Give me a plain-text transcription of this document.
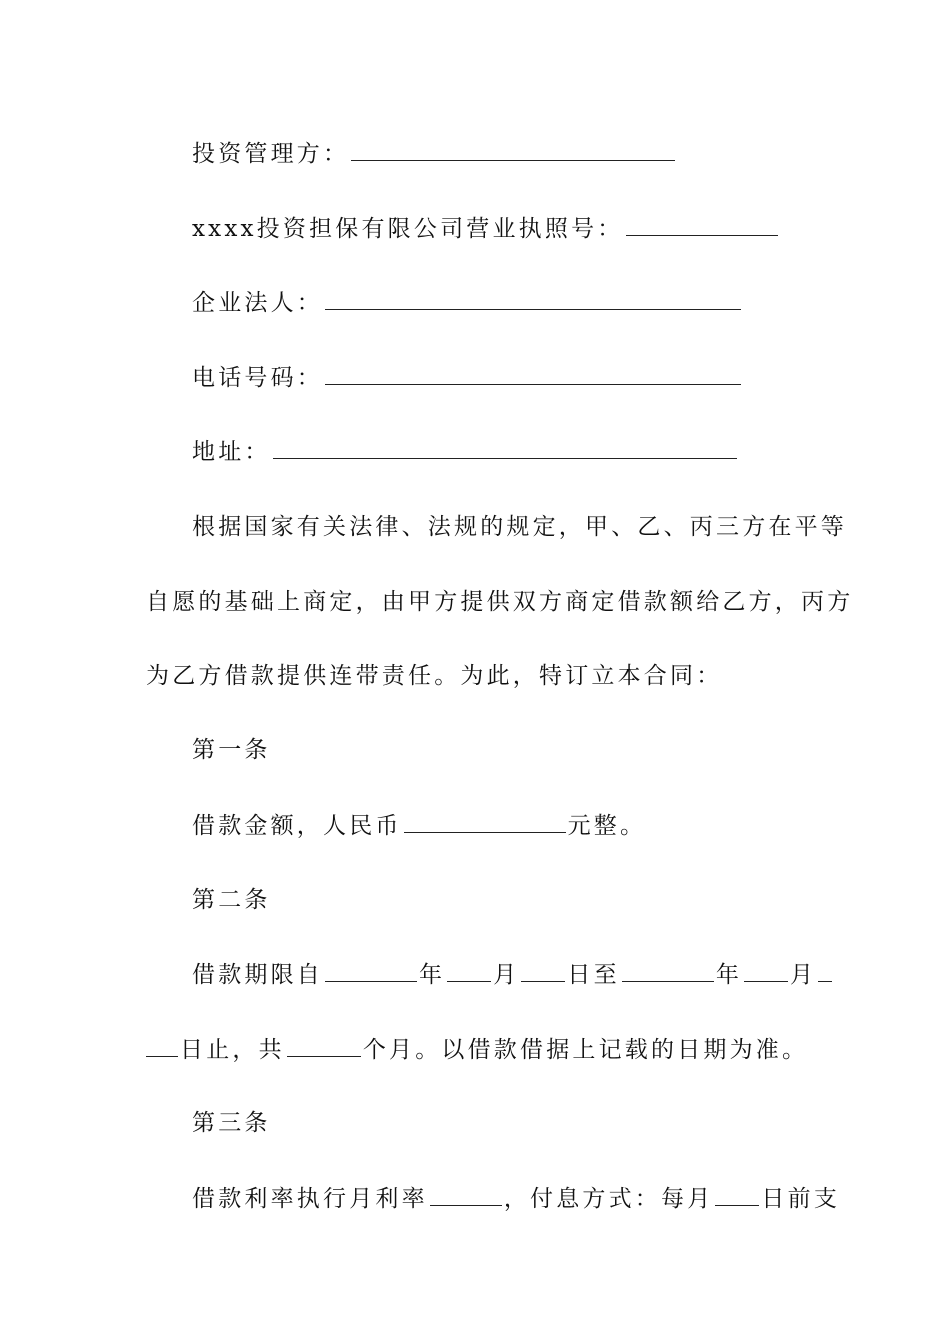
投资管理方：
xxxx投资担保有限公司营业执照号：
企业法人：
电话号码：
地址：
根据国家有关法律、法规的规定，甲、乙、丙三方在平等
自愿的基础上商定，由甲方提供双方商定借款额给乙方，丙方
为乙方借款提供连带责任。为此，特订立本合同：
第一条
借款金额，人民币	元整。
第二条
借款期限自	年 月 日至	年 月
日止，共	个月。以借款借据上记载的日期为准。
第三条
借款利率执行月利率	，付息方式：每月 日前支
